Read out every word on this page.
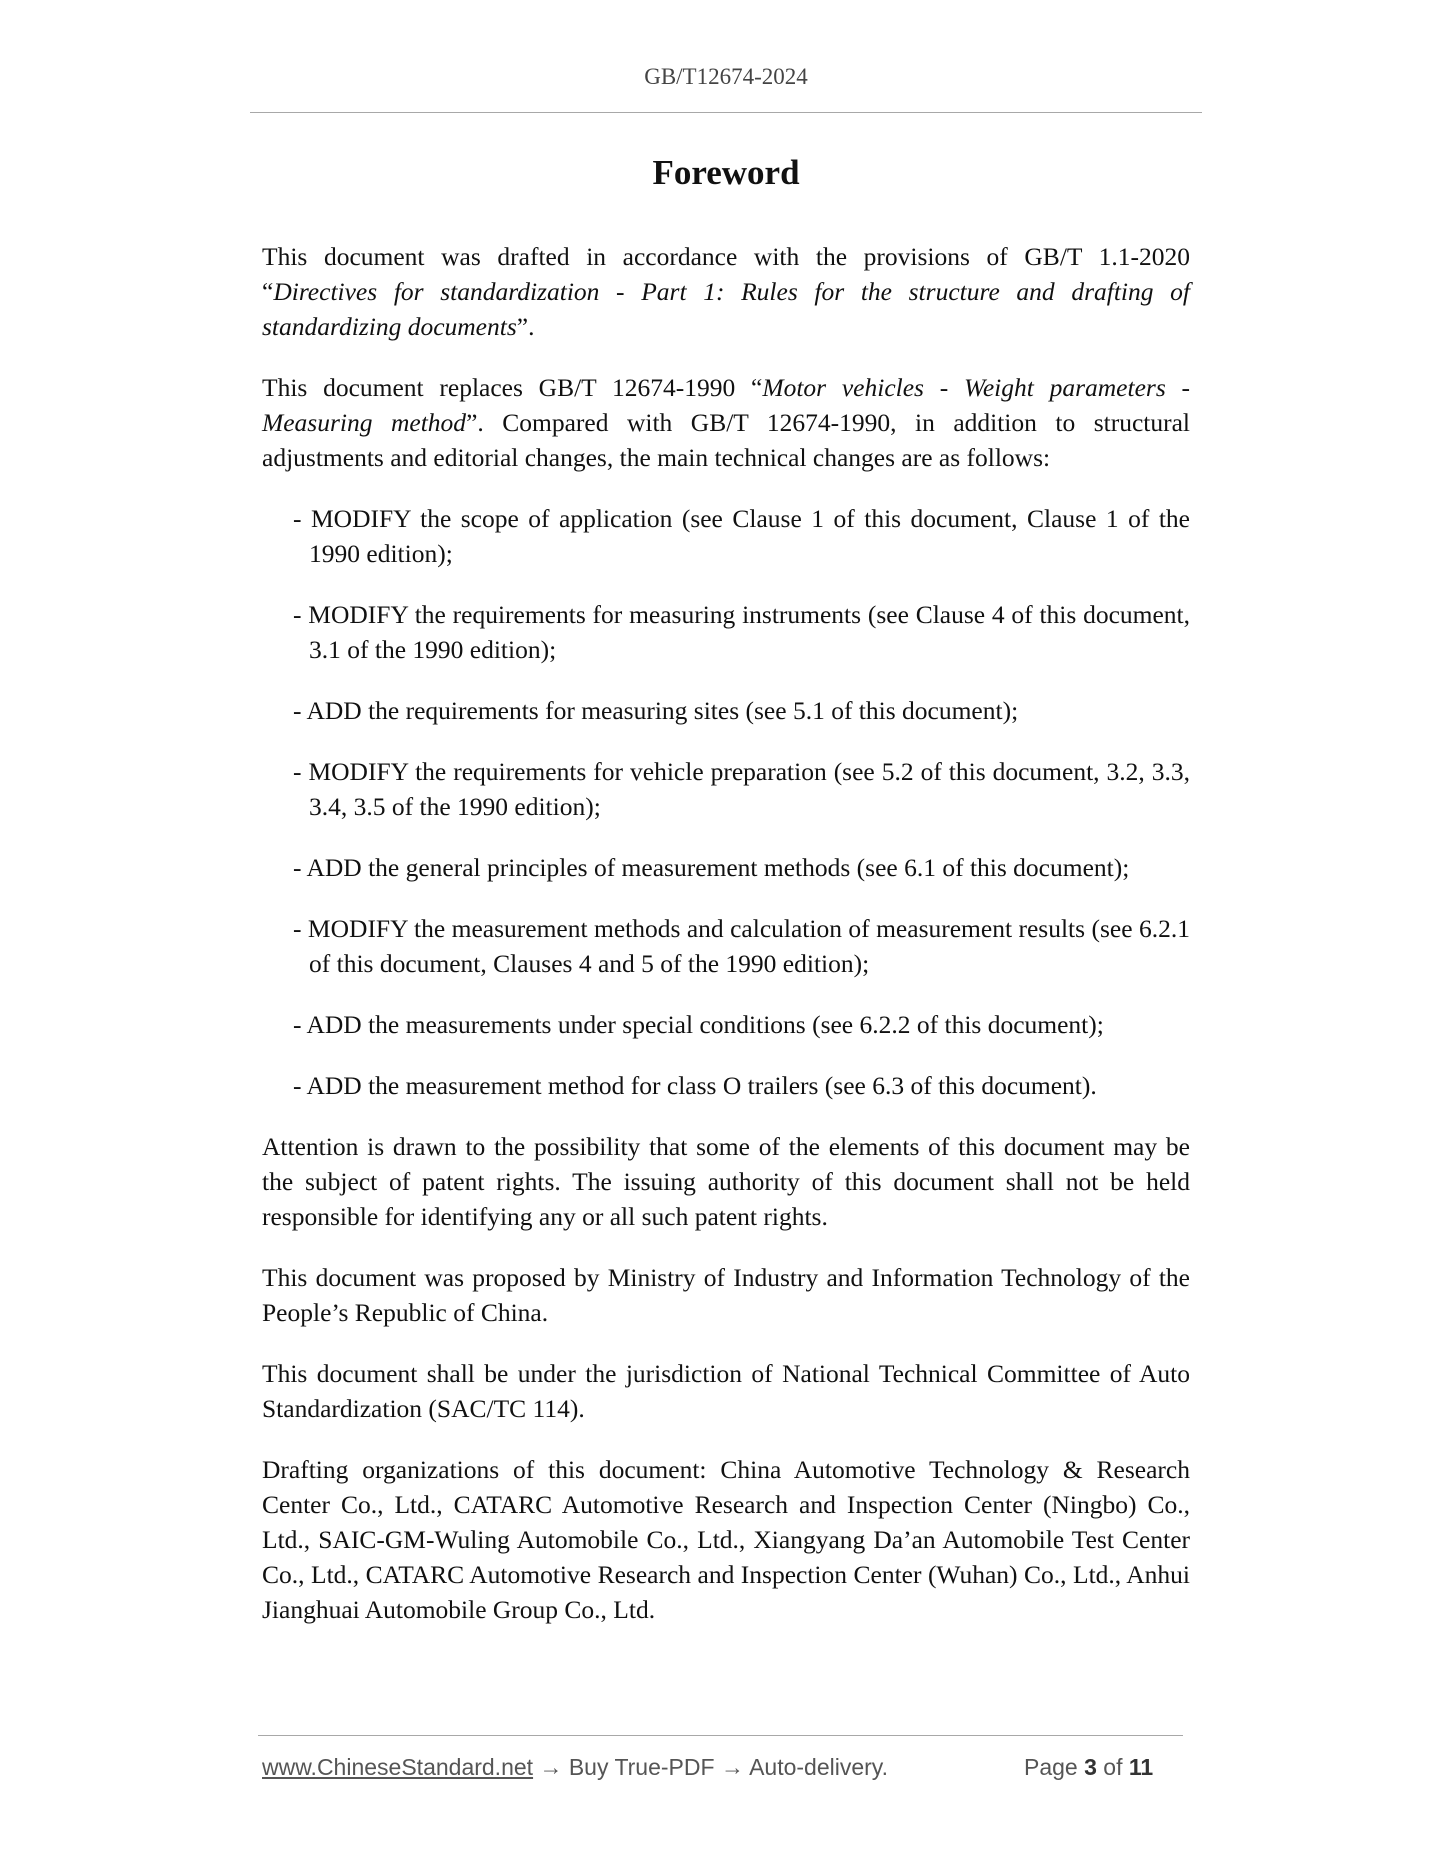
GB/T12674-2024
Foreword

This document was drafted in accordance with the provisions of GB/T 1.1-2020 “Directives for standardization - Part 1: Rules for the structure and drafting of standardizing documents”.

This document replaces GB/T 12674-1990 “Motor vehicles - Weight parameters - Measuring method”. Compared with GB/T 12674-1990, in addition to structural adjustments and editorial changes, the main technical changes are as follows:

- MODIFY the scope of application (see Clause 1 of this document, Clause 1 of the 1990 edition);

- MODIFY the requirements for measuring instruments (see Clause 4 of this document, 3.1 of the 1990 edition);

- ADD the requirements for measuring sites (see 5.1 of this document);

- MODIFY the requirements for vehicle preparation (see 5.2 of this document, 3.2, 3.3, 3.4, 3.5 of the 1990 edition);

- ADD the general principles of measurement methods (see 6.1 of this document);

- MODIFY the measurement methods and calculation of measurement results (see 6.2.1 of this document, Clauses 4 and 5 of the 1990 edition);

- ADD the measurements under special conditions (see 6.2.2 of this document);

- ADD the measurement method for class O trailers (see 6.3 of this document).

Attention is drawn to the possibility that some of the elements of this document may be the subject of patent rights. The issuing authority of this document shall not be held responsible for identifying any or all such patent rights.

This document was proposed by Ministry of Industry and Information Technology of the People’s Republic of China.

This document shall be under the jurisdiction of National Technical Committee of Auto Standardization (SAC/TC 114).

Drafting organizations of this document: China Automotive Technology & Research Center Co., Ltd., CATARC Automotive Research and Inspection Center (Ningbo) Co., Ltd., SAIC-GM-Wuling Automobile Co., Ltd., Xiangyang Da’an Automobile Test Center Co., Ltd., CATARC Automotive Research and Inspection Center (Wuhan) Co., Ltd., Anhui Jianghuai Automobile Group Co., Ltd.

www.ChineseStandard.net → Buy True-PDF → Auto-delivery.	Page 3 of 11
